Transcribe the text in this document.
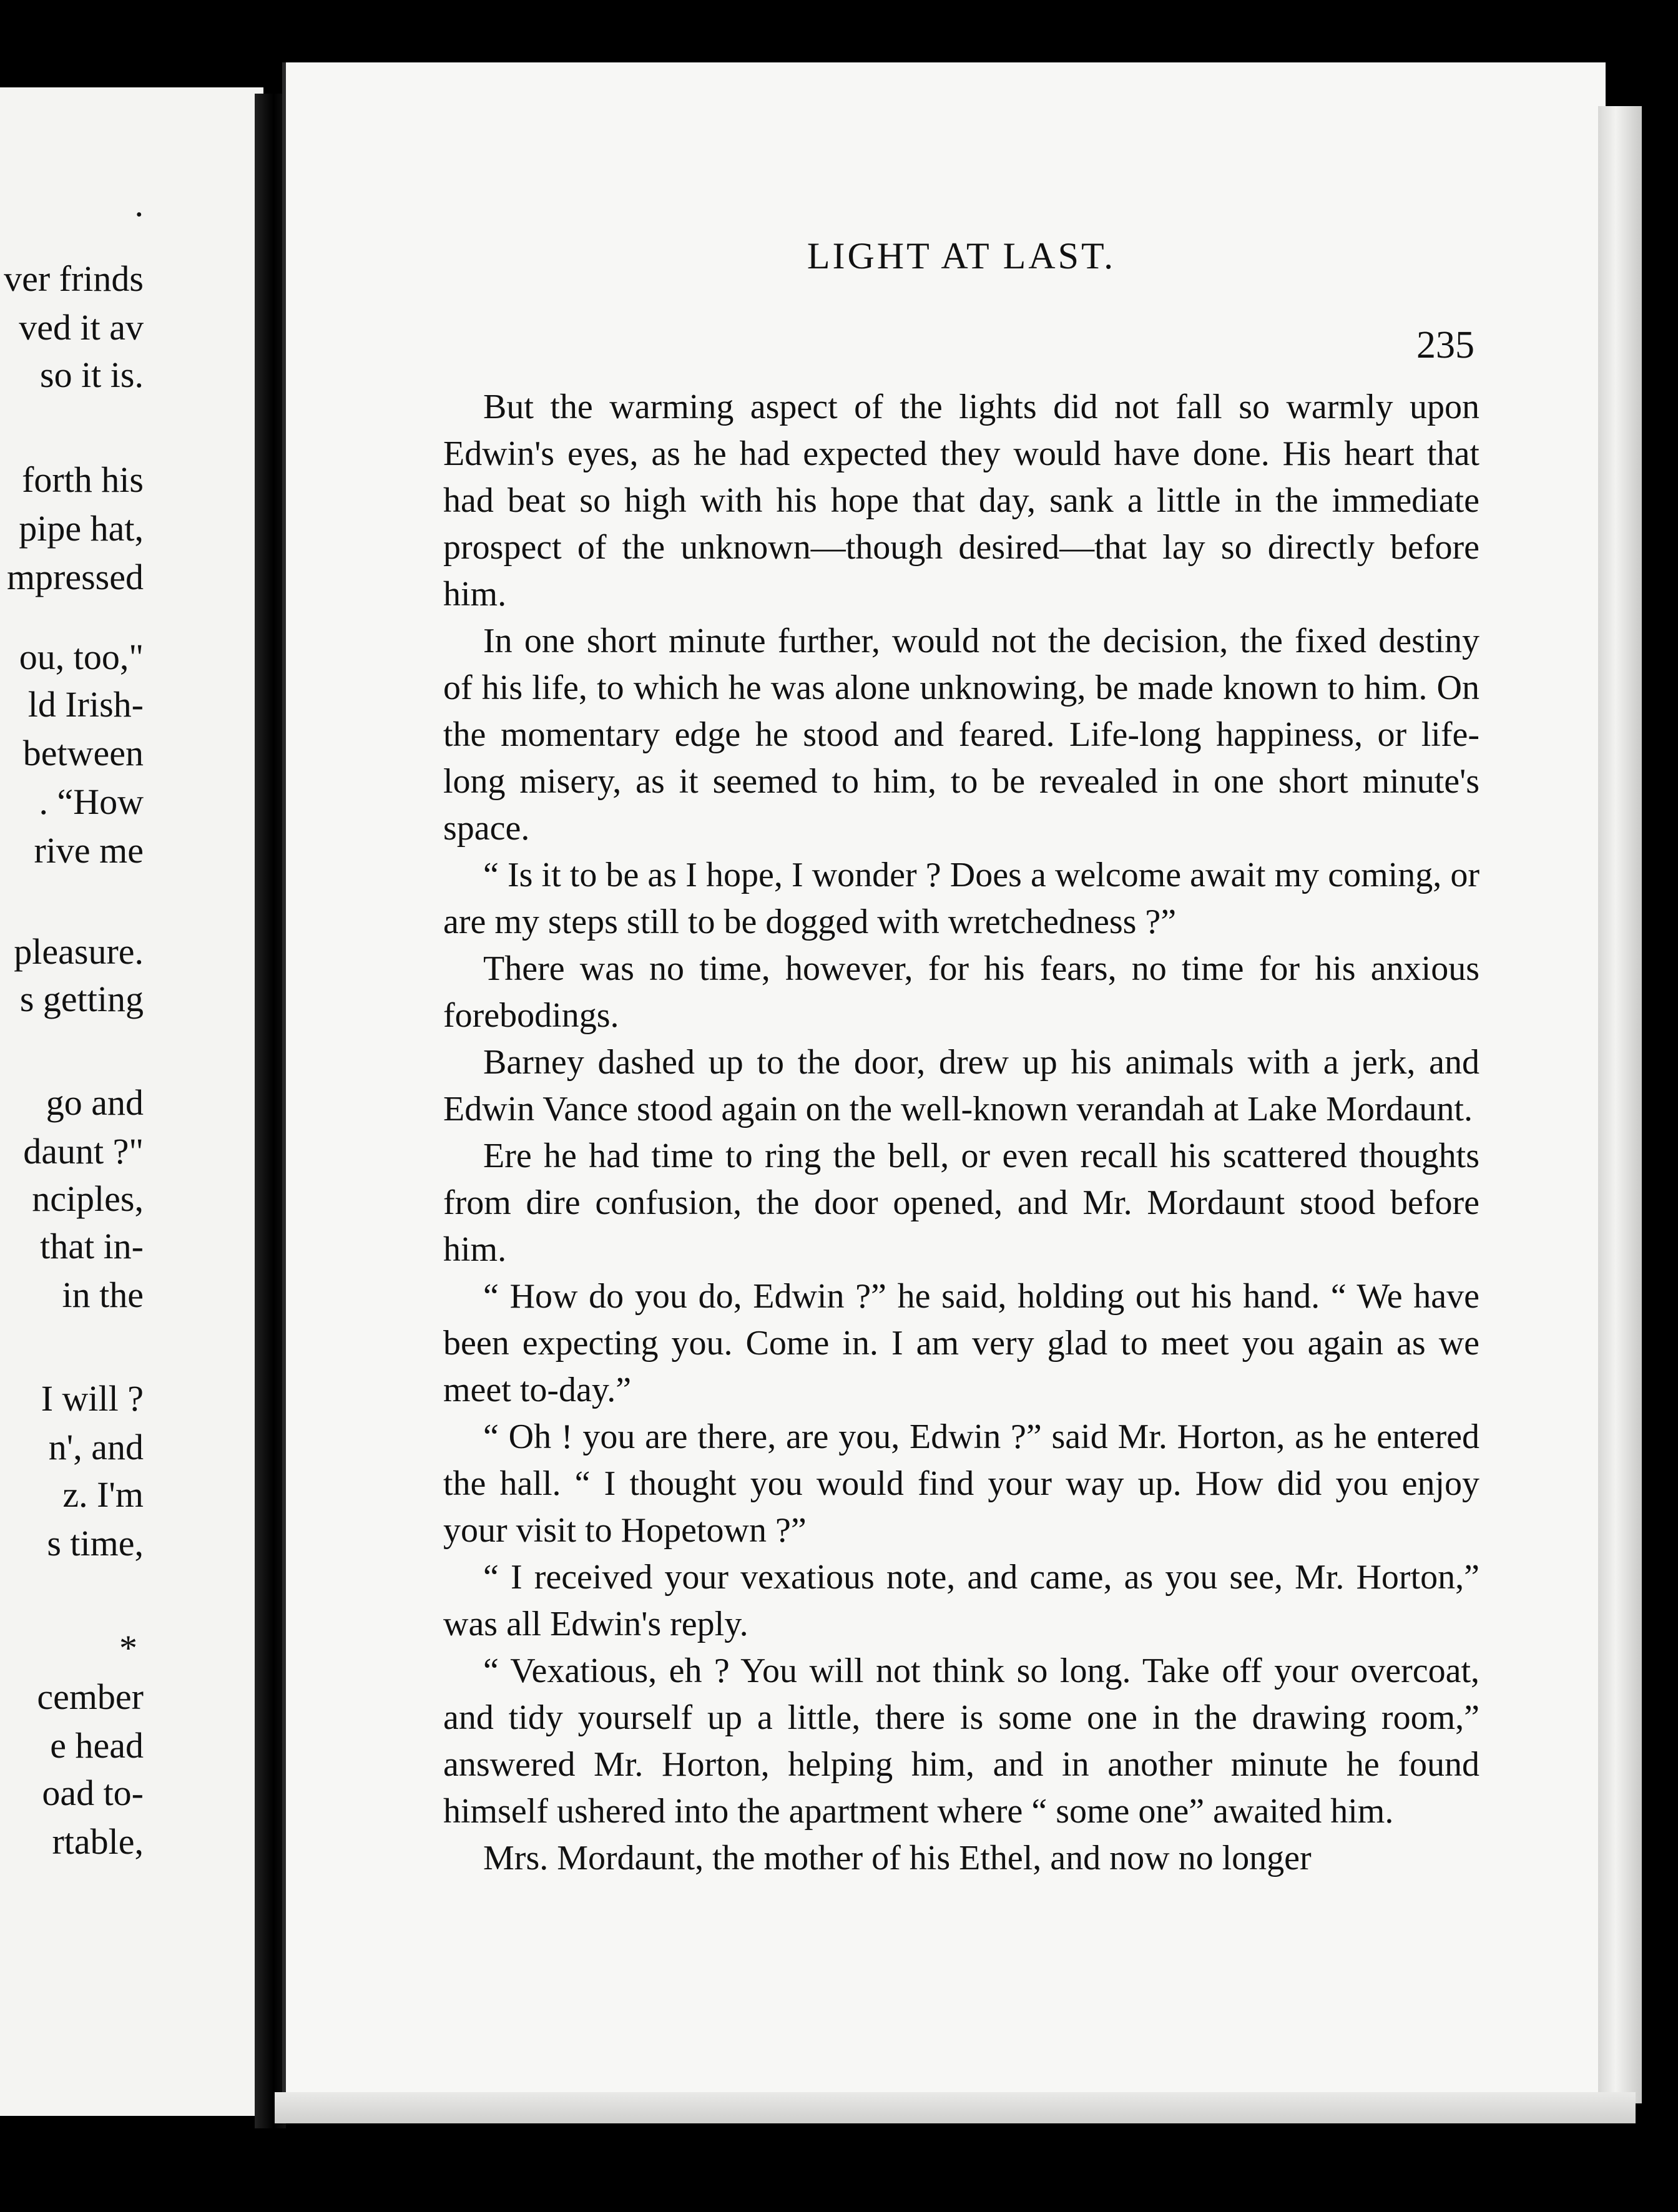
.
ver frinds
ved it av
so it is.
forth his
pipe hat,
mpressed
ou, too,"
ld Irish-
between
. “How
rive me
pleasure.
s getting
go and
daunt ?"
nciples,
that in-
in the
I will ?
n', and
z. I'm
s time,
*
cember
e head
oad to-
rtable,
LIGHT AT LAST.
235

But the warming aspect of the lights did not fall so warmly upon Edwin's eyes, as he had expected they would have done. His heart that had beat so high with his hope that day, sank a little in the immediate prospect of the unknown—though desired—that lay so directly before him.

In one short minute further, would not the decision, the fixed destiny of his life, to which he was alone unknowing, be made known to him. On the momentary edge he stood and feared. Life-long happiness, or life-long misery, as it seemed to him, to be revealed in one short minute's space.

“ Is it to be as I hope, I wonder ? Does a welcome await my coming, or are my steps still to be dogged with wretchedness ?”

There was no time, however, for his fears, no time for his anxious forebodings.

Barney dashed up to the door, drew up his animals with a jerk, and Edwin Vance stood again on the well-known verandah at Lake Mordaunt.

Ere he had time to ring the bell, or even recall his scattered thoughts from dire confusion, the door opened, and Mr. Mordaunt stood before him.

“ How do you do, Edwin ?” he said, holding out his hand. “ We have been expecting you. Come in. I am very glad to meet you again as we meet to-day.”

“ Oh ! you are there, are you, Edwin ?” said Mr. Horton, as he entered the hall. “ I thought you would find your way up. How did you enjoy your visit to Hopetown ?”

“ I received your vexatious note, and came, as you see, Mr. Horton,” was all Edwin's reply.

“ Vexatious, eh ? You will not think so long. Take off your overcoat, and tidy yourself up a little, there is some one in the drawing room,” answered Mr. Horton, helping him, and in another minute he found himself ushered into the apartment where “ some one” awaited him.

Mrs. Mordaunt, the mother of his Ethel, and now no longer
